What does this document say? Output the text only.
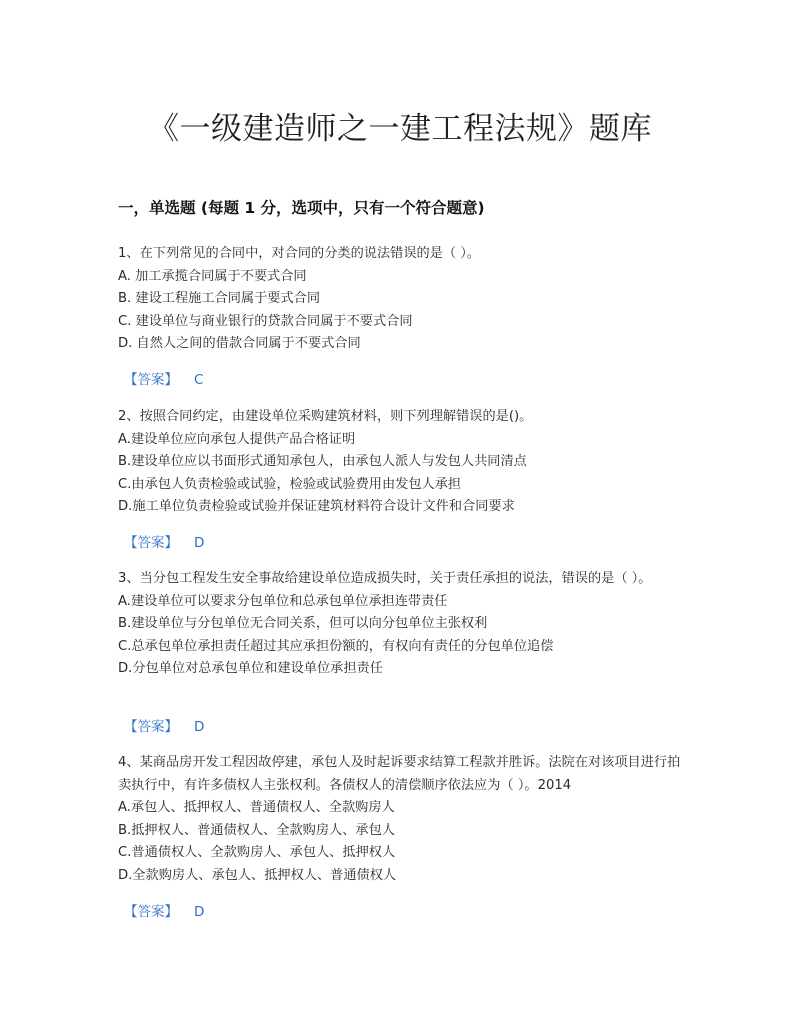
《一级建造师之一建工程法规》题库
一，单选题 (每题 1 分，选项中，只有一个符合题意)
1、在下列常见的合同中，对合同的分类的说法错误的是（ ）。
A. 加工承揽合同属于不要式合同
B. 建设工程施工合同属于要式合同
C. 建设单位与商业银行的贷款合同属于不要式合同
D. 自然人之间的借款合同属于不要式合同
【答案】 C
2、按照合同约定，由建设单位采购建筑材料，则下列理解错误的是()。
A.建设单位应向承包人提供产品合格证明
B.建设单位应以书面形式通知承包人，由承包人派人与发包人共同清点
C.由承包人负责检验或试验，检验或试验费用由发包人承担
D.施工单位负责检验或试验并保证建筑材料符合设计文件和合同要求
【答案】 D
3、当分包工程发生安全事故给建设单位造成损失时，关于责任承担的说法，错误的是（ ）。
A.建设单位可以要求分包单位和总承包单位承担连带责任
B.建设单位与分包单位无合同关系，但可以向分包单位主张权利
C.总承包单位承担责任超过其应承担份额的，有权向有责任的分包单位追偿
D.分包单位对总承包单位和建设单位承担责任
【答案】 D
4、某商品房开发工程因故停建，承包人及时起诉要求结算工程款并胜诉。法院在对该项目进行拍卖执行中，有许多债权人主张权利。各债权人的清偿顺序依法应为（ ）。2014
A.承包人、抵押权人、普通债权人、全款购房人
B.抵押权人、普通债权人、全款购房人、承包人
C.普通债权人、全款购房人、承包人、抵押权人
D.全款购房人、承包人、抵押权人、普通债权人
【答案】 D
